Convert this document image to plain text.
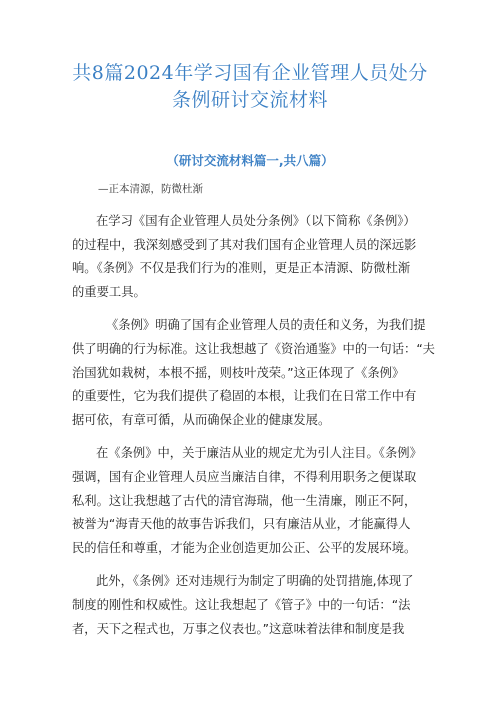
共8篇2024年学习国有企业管理人员处分
条例研讨交流材料
（研讨交流材料篇一,共八篇）
—正本清源，防微杜渐

在学习《国有企业管理人员处分条例》（以下简称《条例》）
的过程中，我深刻感受到了其对我们国有企业管理人员的深远影
响。《条例》不仅是我们行为的准则，更是正本清源、防微杜渐
的重要工具。

《条例》明确了国有企业管理人员的责任和义务，为我们提
供了明确的行为标准。这让我想越了《资治通鉴》中的一句话：“夫
治国犹如栽树，本根不摇，则枝叶茂荣。”这正体现了《条例》
的重要性，它为我们提供了稳固的本根，让我们在日常工作中有
据可依，有章可循，从而确保企业的健康发展。

在《条例》中，关于廉洁从业的规定尤为引人注目。《条例》
强调，国有企业管理人员应当廉洁自律，不得利用职务之便谋取
私利。这让我想越了古代的清官海瑞，他一生清廉，刚正不阿，
被誉为“海青天他的故事告诉我们，只有廉洁从业，才能赢得人
民的信任和尊重，才能为企业创造更加公正、公平的发展环境。

此外，《条例》还对违规行为制定了明确的处罚措施,体现了
制度的刚性和权威性。这让我想起了《管子》中的一句话：“法
者，天下之程式也，万事之仪表也。”这意味着法律和制度是我
